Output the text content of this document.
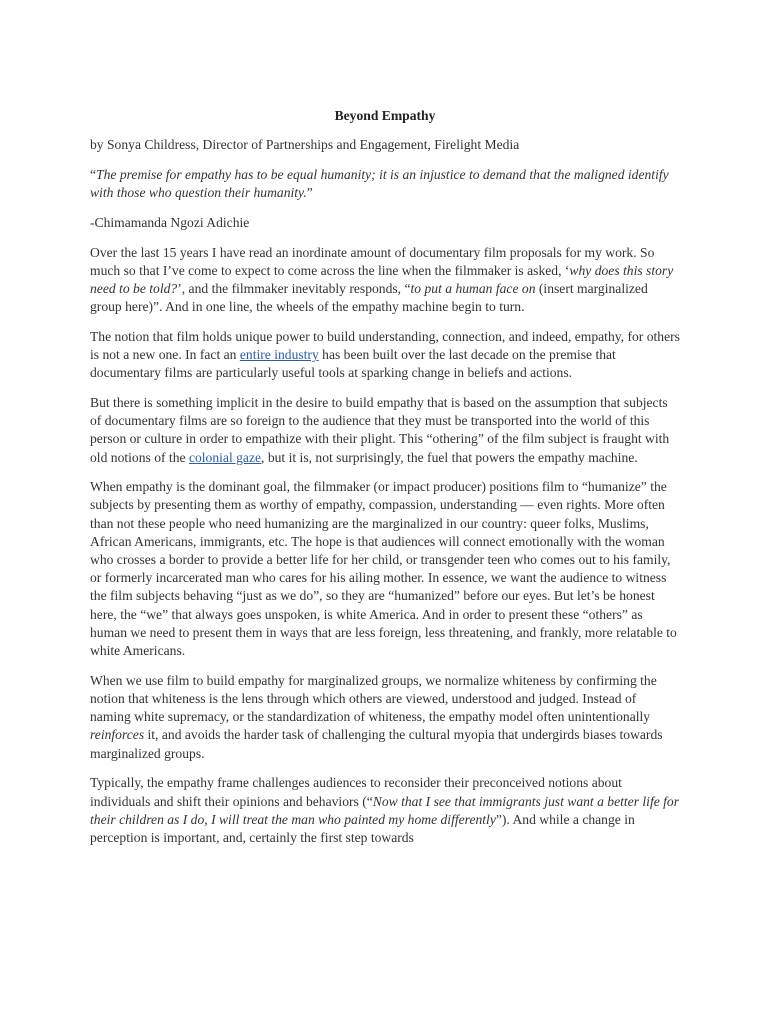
Beyond Empathy

by Sonya Childress, Director of Partnerships and Engagement, Firelight Media

“The premise for empathy has to be equal humanity; it is an injustice to demand that the maligned identify with those who question their humanity.”

-Chimamanda Ngozi Adichie

Over the last 15 years I have read an inordinate amount of documentary film proposals for my work. So much so that I’ve come to expect to come across the line when the filmmaker is asked, ‘why does this story need to be told?’, and the filmmaker inevitably responds, “to put a human face on (insert marginalized group here)”. And in one line, the wheels of the empathy machine begin to turn.

The notion that film holds unique power to build understanding, connection, and indeed, empathy, for others is not a new one. In fact an entire industry has been built over the last decade on the premise that documentary films are particularly useful tools at sparking change in beliefs and actions.

But there is something implicit in the desire to build empathy that is based on the assumption that subjects of documentary films are so foreign to the audience that they must be transported into the world of this person or culture in order to empathize with their plight. This “othering” of the film subject is fraught with old notions of the colonial gaze, but it is, not surprisingly, the fuel that powers the empathy machine.

When empathy is the dominant goal, the filmmaker (or impact producer) positions film to “humanize” the subjects by presenting them as worthy of empathy, compassion, understanding — even rights. More often than not these people who need humanizing are the marginalized in our country: queer folks, Muslims, African Americans, immigrants, etc. The hope is that audiences will connect emotionally with the woman who crosses a border to provide a better life for her child, or transgender teen who comes out to his family, or formerly incarcerated man who cares for his ailing mother. In essence, we want the audience to witness the film subjects behaving “just as we do”, so they are “humanized” before our eyes. But let’s be honest here, the “we” that always goes unspoken, is white America. And in order to present these “others” as human we need to present them in ways that are less foreign, less threatening, and frankly, more relatable to white Americans.

When we use film to build empathy for marginalized groups, we normalize whiteness by confirming the notion that whiteness is the lens through which others are viewed, understood and judged. Instead of naming white supremacy, or the standardization of whiteness, the empathy model often unintentionally reinforces it, and avoids the harder task of challenging the cultural myopia that undergirds biases towards marginalized groups.

Typically, the empathy frame challenges audiences to reconsider their preconceived notions about individuals and shift their opinions and behaviors (“Now that I see that immigrants just want a better life for their children as I do, I will treat the man who painted my home differently”). And while a change in perception is important, and, certainly the first step towards
